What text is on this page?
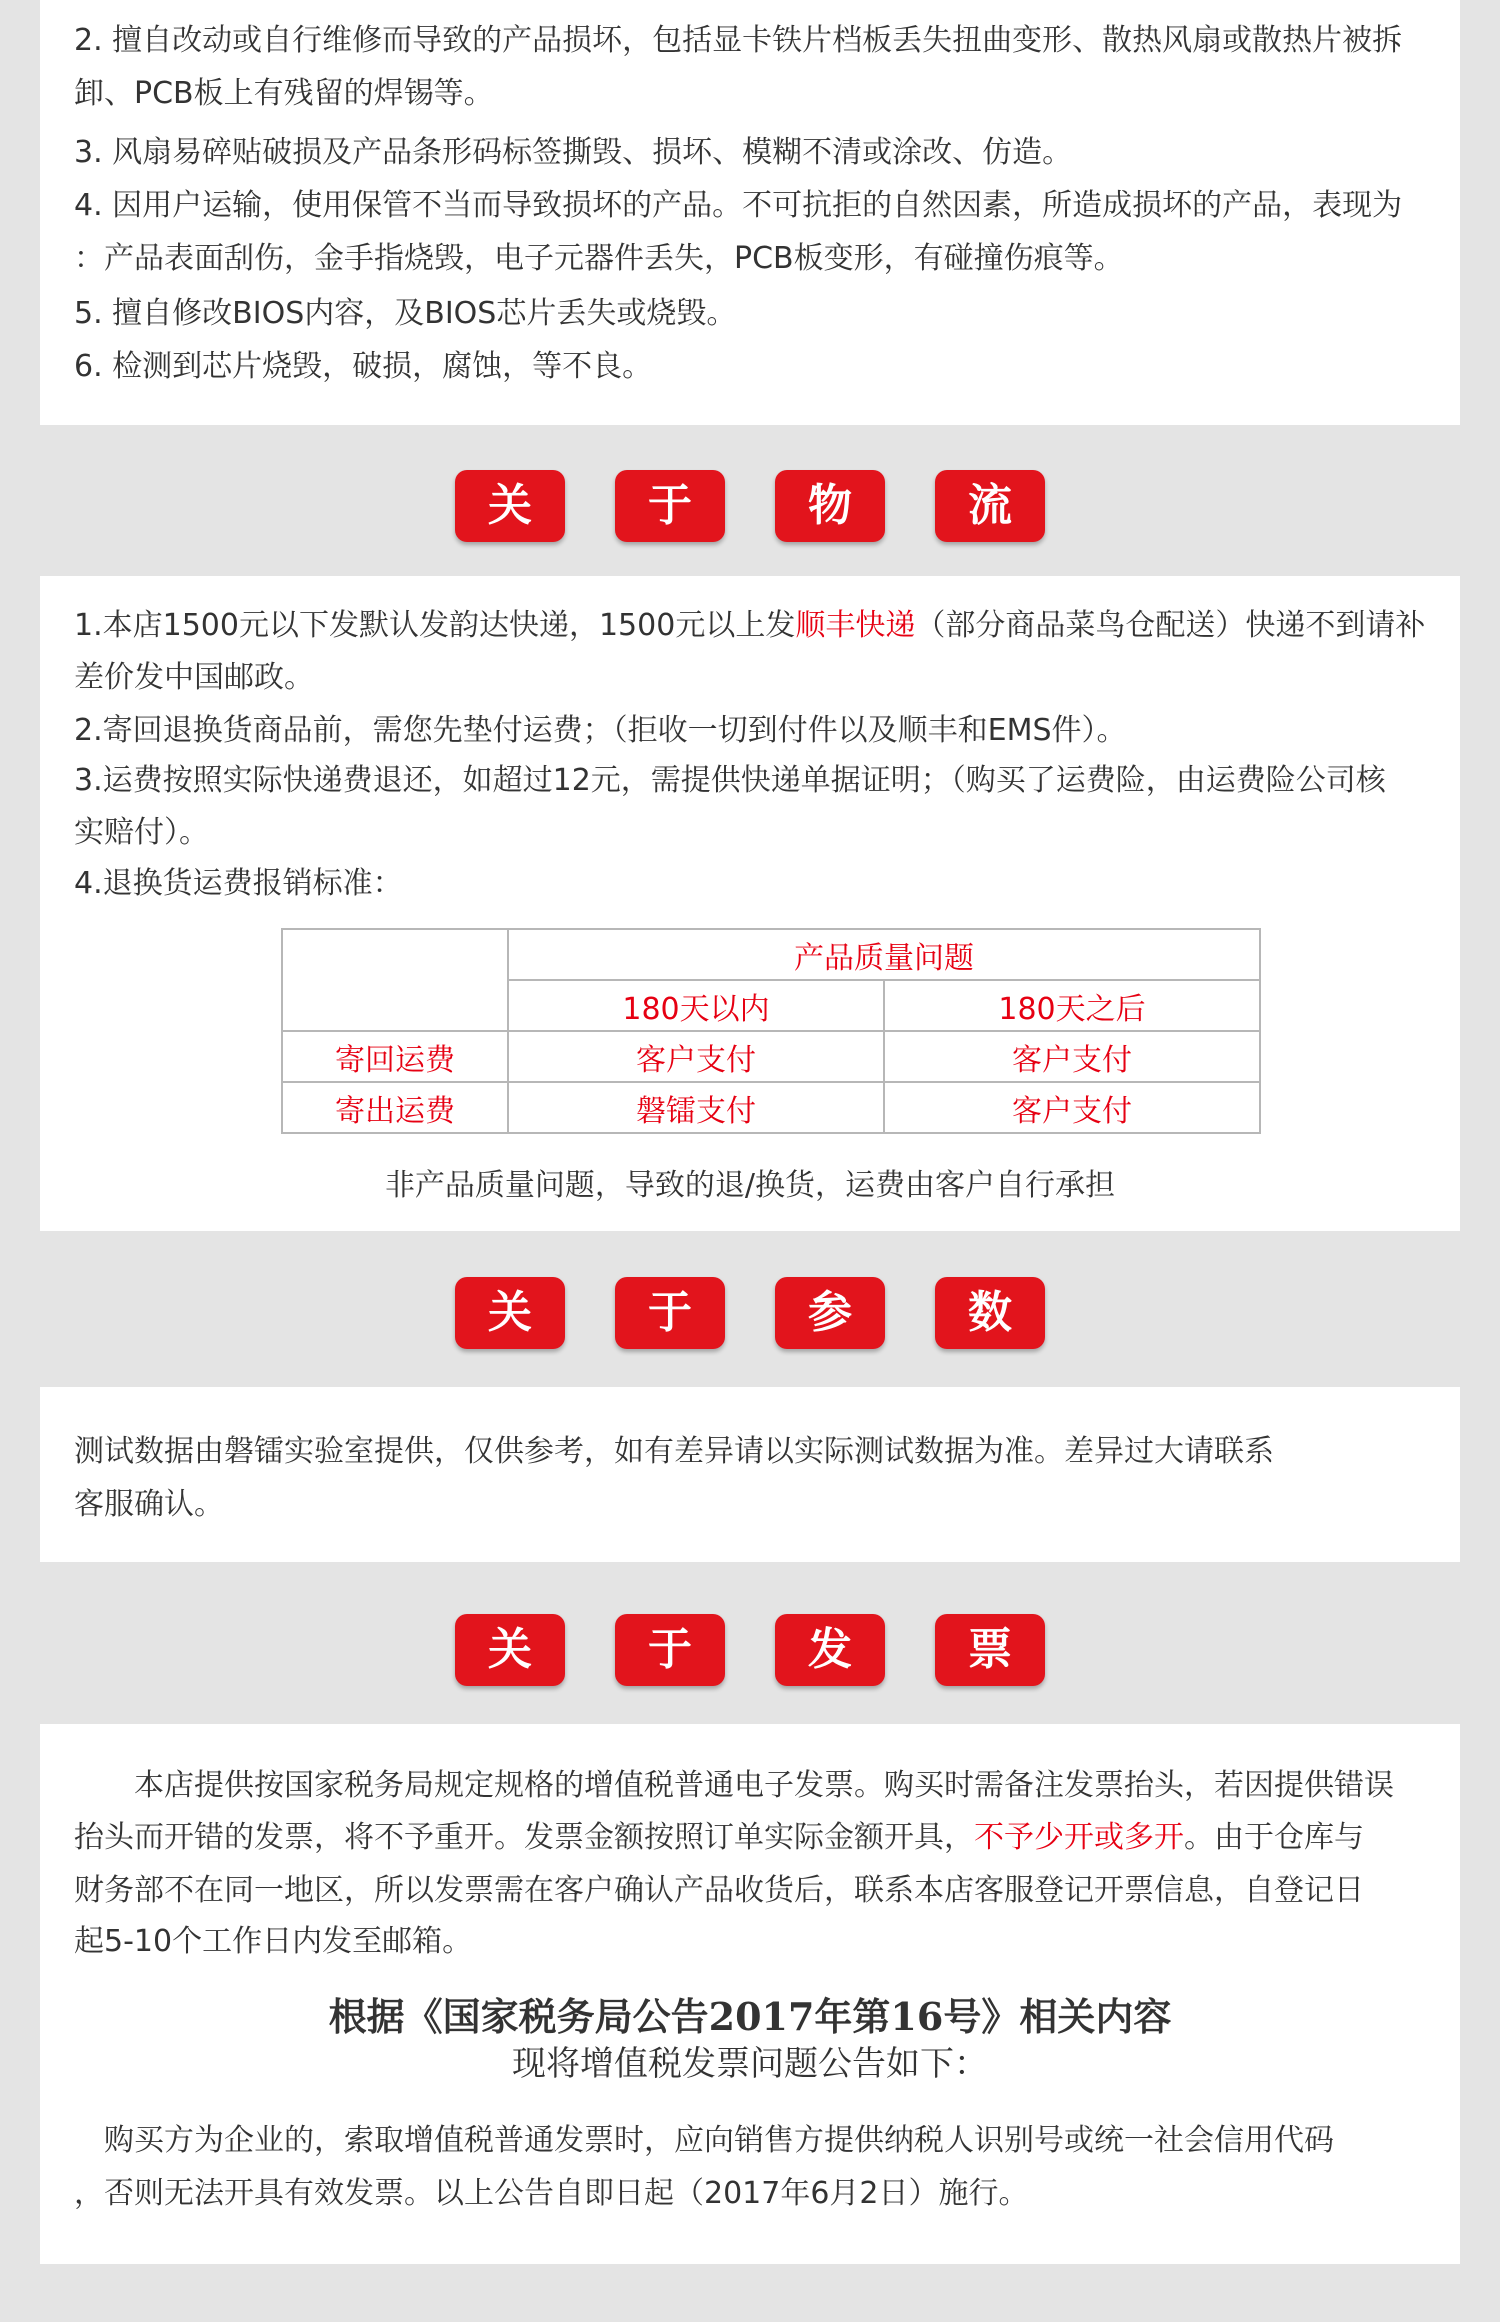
2. 擅自改动或自行维修而导致的产品损坏，包括显卡铁片档板丢失扭曲变形、散热风扇或散热片被拆
卸、PCB板上有残留的焊锡等。
3. 风扇易碎贴破损及产品条形码标签撕毁、损坏、模糊不清或涂改、仿造。
4. 因用户运输，使用保管不当而导致损坏的产品。不可抗拒的自然因素，所造成损坏的产品，表现为
：产品表面刮伤，金手指烧毁，电子元器件丢失，PCB板变形，有碰撞伤痕等。
5. 擅自修改BIOS内容，及BIOS芯片丢失或烧毁。
6. 检测到芯片烧毁，破损，腐蚀，等不良。
关	于	物	流
1.本店1500元以下发默认发韵达快递，1500元以上发顺丰快递（部分商品菜鸟仓配送）快递不到请补
差价发中国邮政。
2.寄回退换货商品前，需您先垫付运费；（拒收一切到付件以及顺丰和EMS件）。
3.运费按照实际快递费退还，如超过12元，需提供快递单据证明；（购买了运费险，由运费险公司核
实赔付）。
4.退换货运费报销标准：
	产品质量问题	
	180天以内	180天之后
寄回运费	客户支付	客户支付
寄出运费	磐镭支付	客户支付
非产品质量问题，导致的退/换货，运费由客户自行承担
关	于	参	数
测试数据由磐镭实验室提供，仅供参考，如有差异请以实际测试数据为准。差异过大请联系
客服确认。
关	于	发	票
　　本店提供按国家税务局规定规格的增值税普通电子发票。购买时需备注发票抬头，若因提供错误
抬头而开错的发票，将不予重开。发票金额按照订单实际金额开具，不予少开或多开。由于仓库与
财务部不在同一地区，所以发票需在客户确认产品收货后，联系本店客服登记开票信息，自登记日
起5-10个工作日内发至邮箱。
根据《国家税务局公告2017年第16号》相关内容
现将增值税发票问题公告如下：
　购买方为企业的，索取增值税普通发票时，应向销售方提供纳税人识别号或统一社会信用代码
，否则无法开具有效发票。以上公告自即日起（2017年6月2日）施行。
